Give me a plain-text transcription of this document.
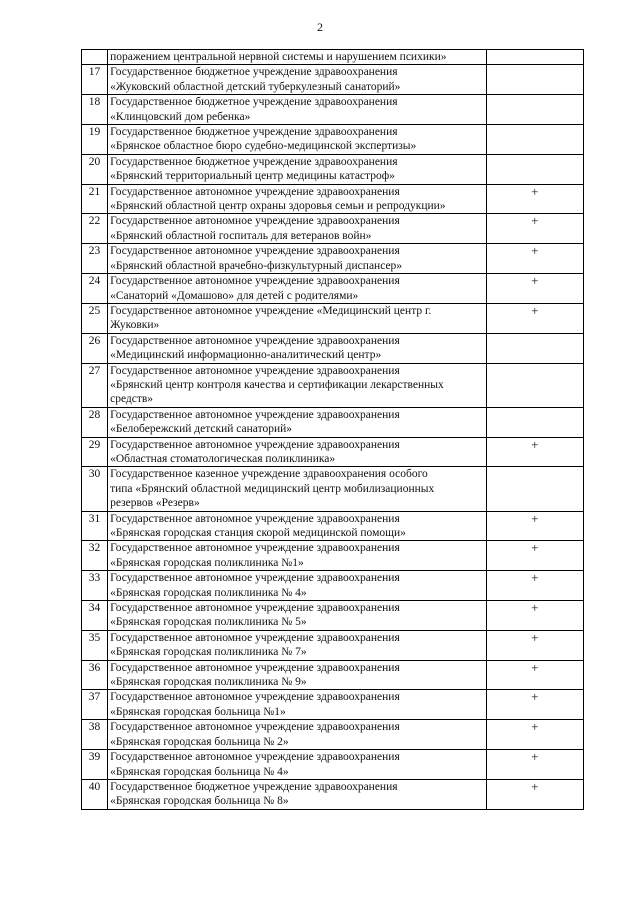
2

	поражением центральной нервной системы и нарушением психики»	

17	Государственное бюджетное учреждение здравоохранения
«Жуковский областной детский туберкулезный санаторий»	

18	Государственное бюджетное учреждение здравоохранения
«Клинцовский дом ребенка»	

19	Государственное бюджетное учреждение здравоохранения
«Брянское областное бюро судебно-медицинской экспертизы»	

20	Государственное бюджетное учреждение здравоохранения
«Брянский территориальный центр медицины катастроф»	

21	Государственное автономное учреждение здравоохранения
«Брянский областной центр охраны здоровья семьи и репродукции»	+
22	Государственное автономное учреждение здравоохранения
«Брянский областной госпиталь для ветеранов войн»	+
23	Государственное автономное учреждение здравоохранения
«Брянский областной врачебно-физкультурный диспансер»	+
24	Государственное автономное учреждение здравоохранения
«Санаторий «Домашово» для детей с родителями»	+
25	Государственное автономное учреждение «Медицинский центр г.
Жуковки»	+
26	Государственное автономное учреждение здравоохранения
«Медицинский информационно-аналитический центр»	

27	Государственное автономное учреждение здравоохранения
«Брянский центр контроля качества и сертификации лекарственных
средств»	

28	Государственное автономное учреждение здравоохранения
«Белобережский детский санаторий»	

29	Государственное автономное учреждение здравоохранения
«Областная стоматологическая поликлиника»	+
30	Государственное казенное учреждение здравоохранения особого
типа «Брянский областной медицинский центр мобилизационных
резервов «Резерв»	

31	Государственное автономное учреждение здравоохранения
«Брянская городская станция скорой медицинской помощи»	+
32	Государственное автономное учреждение здравоохранения
«Брянская городская поликлиника №1»	+
33	Государственное автономное учреждение здравоохранения
«Брянская городская поликлиника № 4»	+
34	Государственное автономное учреждение здравоохранения
«Брянская городская поликлиника № 5»	+
35	Государственное автономное учреждение здравоохранения
«Брянская городская поликлиника № 7»	+
36	Государственное автономное учреждение здравоохранения
«Брянская городская поликлиника № 9»	+
37	Государственное автономное учреждение здравоохранения
«Брянская городская больница №1»	+
38	Государственное автономное учреждение здравоохранения
«Брянская городская больница № 2»	+
39	Государственное автономное учреждение здравоохранения
«Брянская городская больница № 4»	+
40	Государственное бюджетное учреждение здравоохранения
«Брянская городская больница № 8»	+
